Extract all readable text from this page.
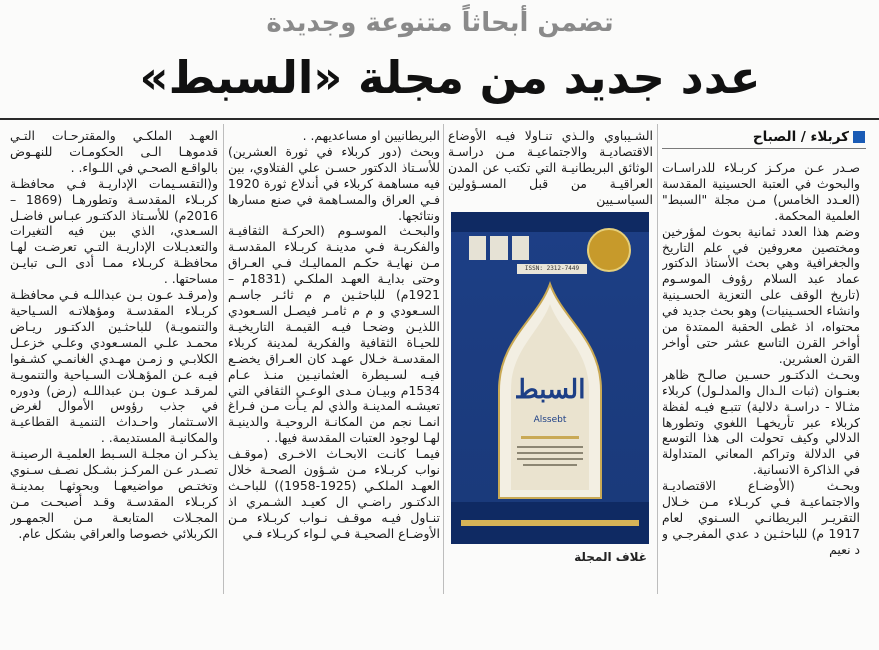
تضمن أبحاثاً متنوعة وجديدة
عدد جديد من مجلة «السبط»
كربلاء / الصباح

صـدر عـن مركـز كربـلاء للدراسـات والبحوث في العتبة الحسينية المقدسة (العـدد الخامس) مـن مجلة "السبط" العلمية المحكمة.

وضم هذا العدد ثمانية بحوث لمؤرخين ومختصين معروفين في علم التاريخ والجغرافية وهي بحث الأستاذ الدكتور عماد عبد السلام رؤوف الموسـوم (تاريخ الوقف على التعزية الحسـينية وانشاء الحسـينيات) وهو بحث جديد في محتواه، اذ غطى الحقبة الممتدة من أواخر القرن التاسع عشر حتى أواخر القرن العشرين.

وبحـث الدكتـور حسـين صالـح ظاهر بعنـوان (ثبات الـدال والمدلـول) كربلاء مثـالا - دراسـة دلالية) تتبـع فيـه لفظة كربلاء عبر تأريخهـا اللغوي وتطورها الدلالي وكيف تحولت الى هذا التوسع في الدلالة وتراكم المعاني المتداولة في الذاكرة الانسانية.

وبحـث (الأوضـاع الاقتصاديـة والاجتماعيـة فـي كربـلاء مـن خـلال التقريـر البريطانـي السـنوي لعام 1917 م) للباحثـين د عدي المفرجـي و د نعيم

الشـيباوي والـذي تنـاولا فيـه الأوضاع الاقتصاديـة والاجتماعيـة مـن دراسـة الوثائق البريطانيـة التي تكتب عن المدن العراقيـة من قبل المسـؤولين السياسـيين

ISSN: 2312-7449
السبط
Alssebt
غلاف المجلة

البريطانيين او مساعديهم. .

وبحث (دور كربلاء في ثورة العشرين) للأسـتاذ الدكتور حسـن علي الفتلاوي، بين فيه مساهمة كربلاء في أندلاع ثورة 1920 فـي العراق والمسـاهمة في صنع مسارها ونتائجها.

والبحـث الموسـوم (الحركـة الثقافيـة والفكريـة فـي مدينـة كربـلاء المقدسـة مـن نهايـة حكـم المماليـك فـي العـراق وحتى بدايـة العهـد الملكـي (1831م – 1921م) للباحثـين م م ثائـر جاسـم السـعودي و م م ثامـر فيصـل السـعودي اللذيـن وضحـا فيـه القيمـة التاريخيـة للحيـاة الثقافية والفكرية لمدينة كربلاء المقدسـة خـلال عهـد كان العـراق يخضـع فيـه لسـيطرة العثمانيـين منـذ عـام 1534م وبيـان مـدى الوعـي الثقافي التي تعيشـه المدينـة والذي لم يـأت مـن فـراغ انمـا نجم من المكانـة الروحيـة والدينيـة لهـا لوجود العتبات المقدسة فيها. .

فيمـا كانـت الابحـاث الاخـرى (موقـف نواب كربـلاء مـن شـؤون الصحـة خلال العهـد الملكـي (1925-1958)) للباحـث الدكتـور راضـي ال كعيـد الشـمري اذ تنـاول فيـه موقـف نـواب كربـلاء مـن الأوضـاع الصحيـة فـي لـواء كربـلاء فـي

العهـد الملكـي والمقترحـات التـي قدموهـا الـى الحكومـات للنهـوض بالواقـع الصحـي في اللـواء. .

و(التقسـيمات الإداريـة فـي محافظـة كربـلاء المقدسـة وتطورهـا (1869 – 2016م) للأسـتاذ الدكتـور عبـاس فاضـل السـعدي، الذي بين فيه التغيرات والتعديـلات الإداريـة التـي تعرضـت لهـا محافظـة كربـلاء ممـا أدى الـى تبايـن مساحتها. .

و(مرقـد عـون بـن عبداللـه فـي محافظـة كربـلاء المقدسـة ومؤهلاتـه السـياحية والتنمويـة) للباحثـين الدكتـور ريـاض محمـد علـي المسـعودي وعلـي خزعـل الكلابـي و زمـن مهـدي الغانمـي كشـفوا فيـه عـن المؤهـلات السـياحية والتنمويـة لمرقـد عـون بـن عبداللـه (رض) ودوره في جذب رؤوس الأموال لغرض الاسـتثمار واحـداث التنميـة القطاعيـة والمكانيـة المستديمة. .

يذكـر ان مجلـة السـبط العلميـة الرصينـة تصـدر عـن المركـز بشـكل نصـف سـنوي وتختـص مواضيعهـا وبحوثهـا بمدينـة كربـلاء المقدسـة وقـد أصبحـت مـن المجـلات المتابعـة مـن الجمهـور الكربلائي خصوصا والعراقي بشكل عام.
